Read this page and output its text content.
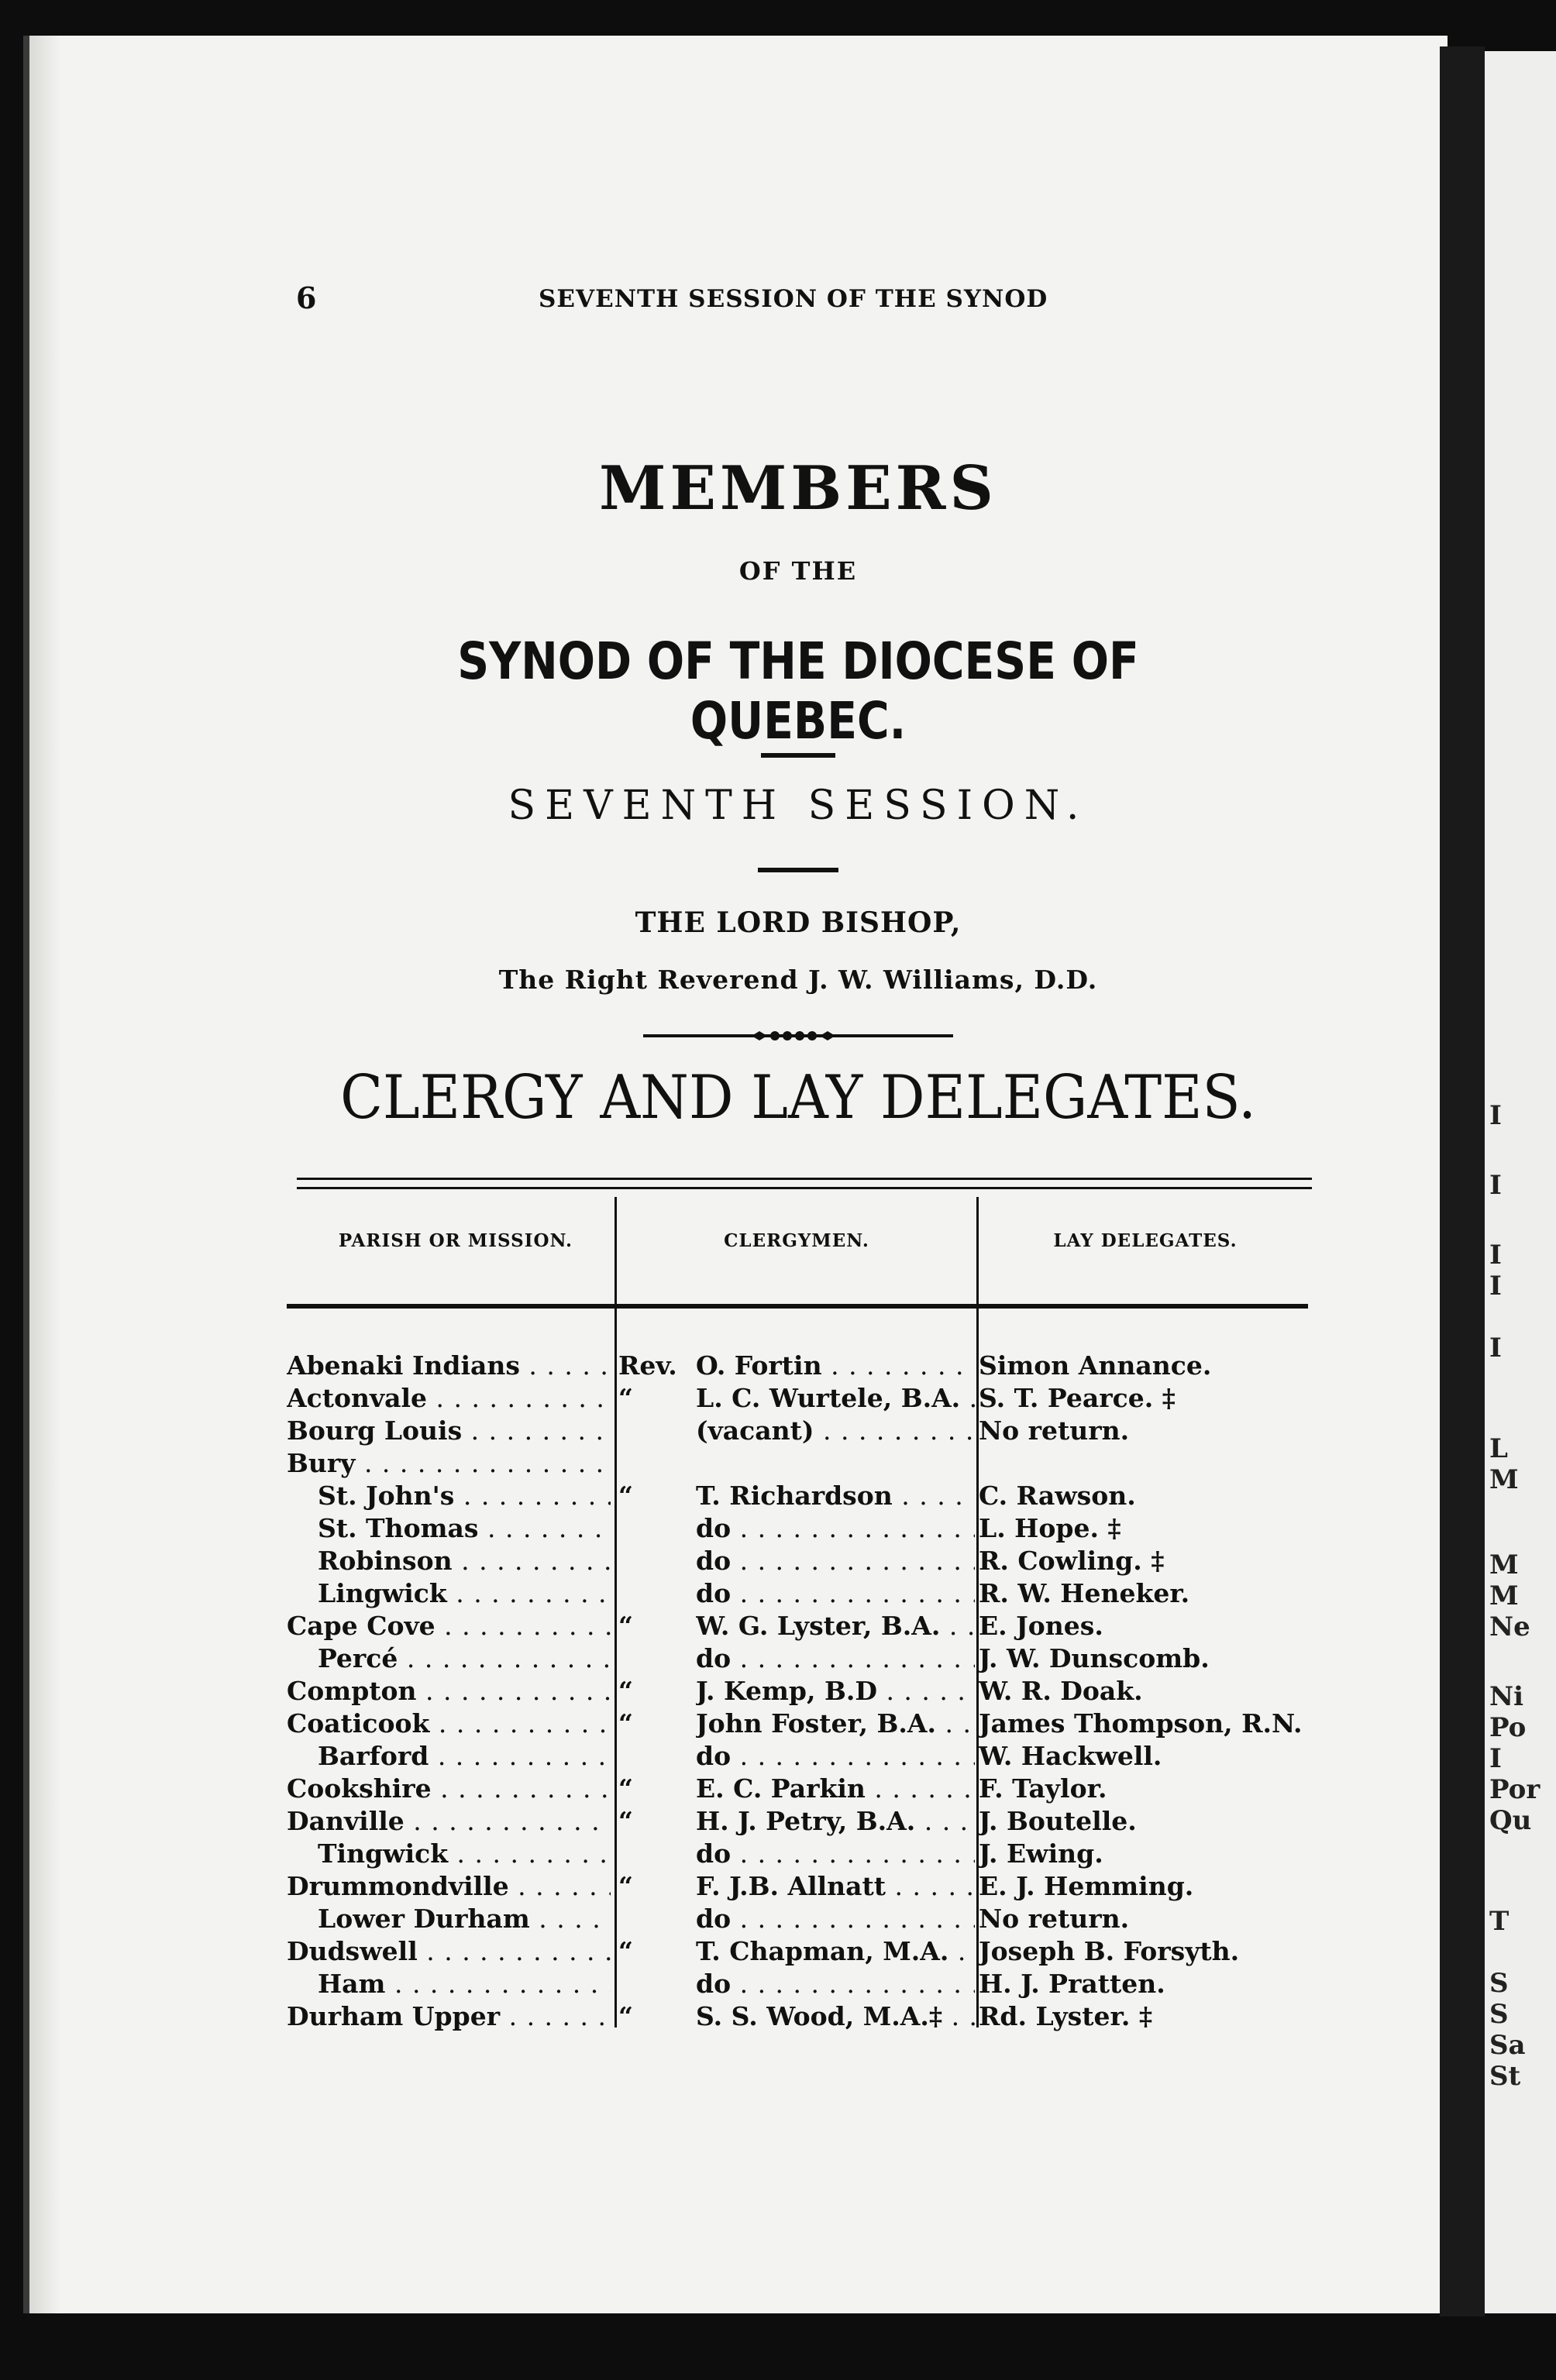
I
I
I
I
I
L
M
M
M
Ne
Ni
Po
I
Por
Qu
T
S
S
Sa
St
6	SEVENTH SESSION OF THE SYNOD
MEMBERS
OF THE
SYNOD OF THE DIOCESE OF QUEBEC.
SEVENTH SESSION.
THE LORD BISHOP,
The Right Reverend J. W. Williams, D.D.
CLERGY AND LAY DELEGATES.
PARISH OR MISSION.	CLERGYMEN.	LAY DELEGATES.
Abenaki Indians . . .	Rev. O. Fortin . . .	Simon Annance.
Actonvale . . .	“	L. C. Wurtele, B.A. . . . S. T. Pearce. ‡
Bourg Louis . . .	(vacant) . . .	No return.
Bury . . .
St. John's . . .	“	T. Richardson . . .	C. Rawson.
St. Thomas . . .	do . . .	L. Hope. ‡
Robinson . . .	do . . .	R. Cowling. ‡
Lingwick . . .	do . . .	R. W. Heneker.
Cape Cove . . .	“	W. G. Lyster, B.A. . . .	E. Jones.
Percé . . .	do . . .	J. W. Dunscomb.
Compton . . .	“	J. Kemp, B.D . . .	W. R. Doak.
Coaticook . . .	“	John Foster, B.A. . . .	James Thompson, R.N.
Barford . . .	do . . .	W. Hackwell.
Cookshire . . .	“	E. C. Parkin . . .	F. Taylor.
Danville . . .	“	H. J. Petry, B.A. . . .	J. Boutelle.
Tingwick . . .	do . . .	J. Ewing.
Drummondville . . .	“	F. J.B. Allnatt . . .	E. J. Hemming.
Lower Durham . . .	do . . .	No return.
Dudswell . . .	“	T. Chapman, M.A. . . .	Joseph B. Forsyth.
Ham . . .	do . . .	H. J. Pratten.
Durham Upper . . .	“	S. S. Wood, M.A.‡ . . .	Rd. Lyster. ‡
